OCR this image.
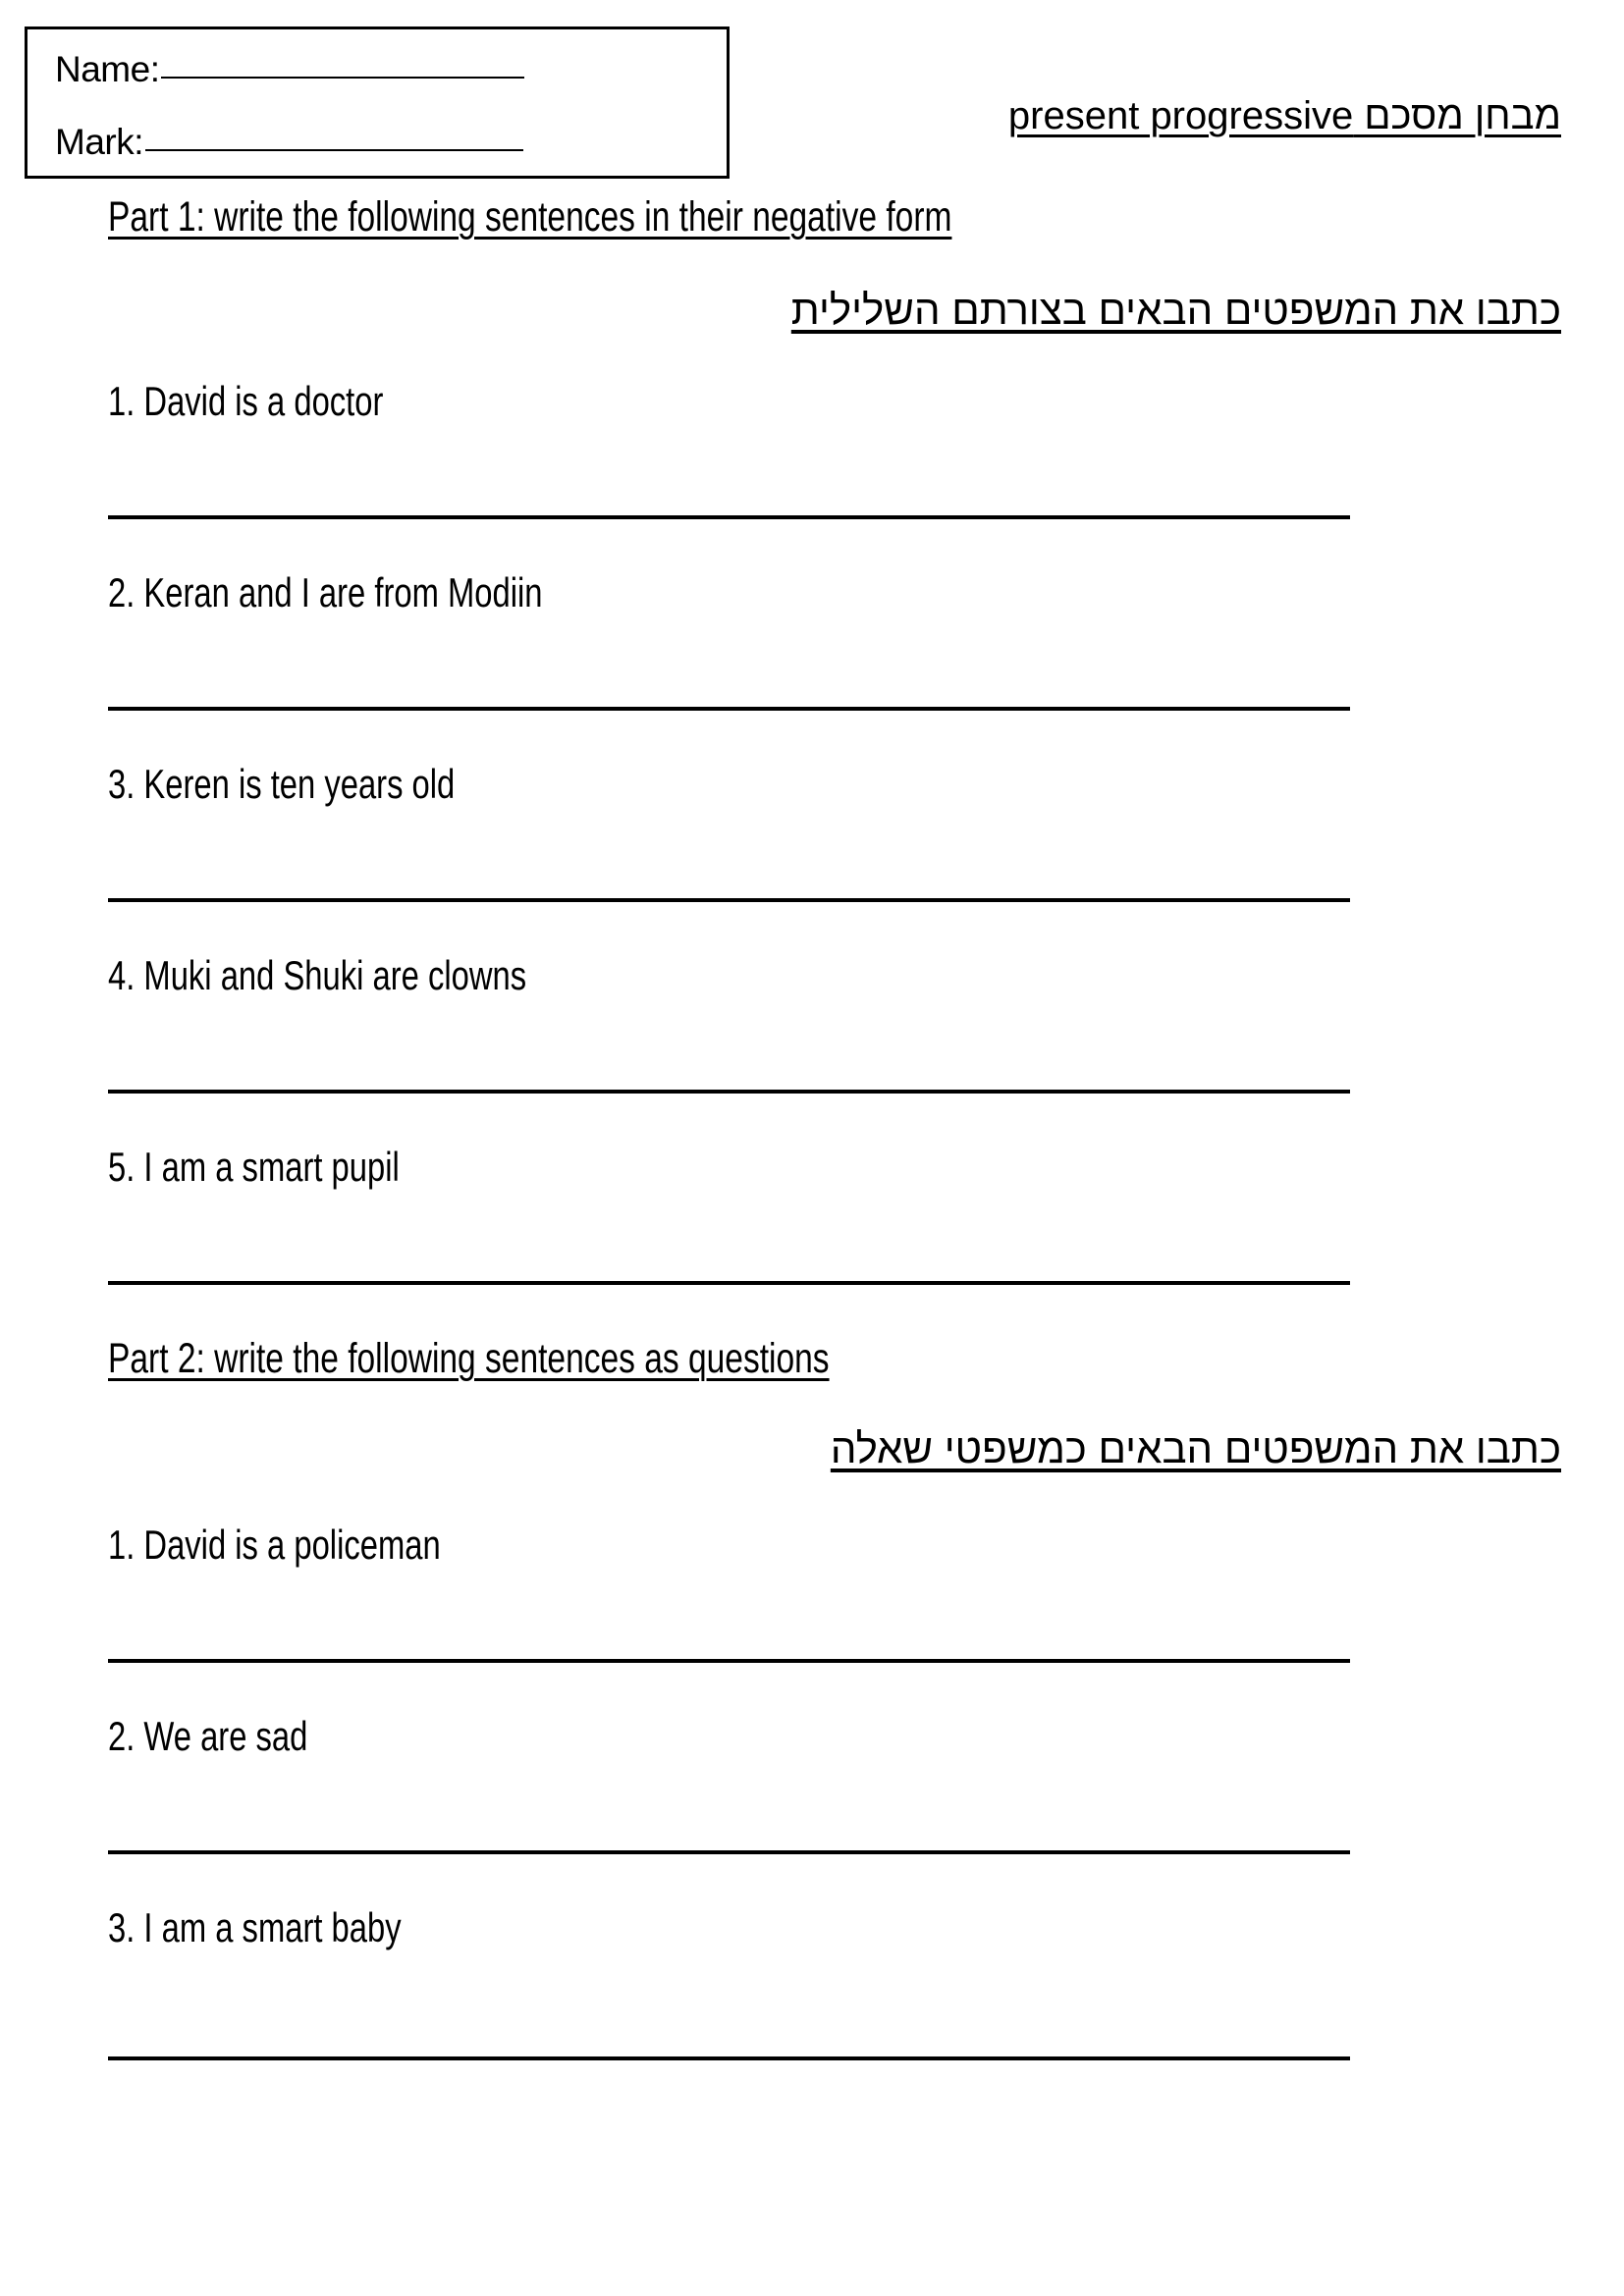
Name:
Mark:
מבחן מסכם present progressive
Part 1: write the following sentences in their negative form
כתבו את המשפטים הבאים בצורתם השלילית
1. David is a doctor
2. Keran and I are from Modiin
3. Keren is ten years old
4. Muki and Shuki are clowns
5. I am a smart pupil
Part 2: write the following sentences as questions
כתבו את המשפטים הבאים כמשפטי שאלה
1. David is a policeman
2. We are sad
3. I am a smart baby
